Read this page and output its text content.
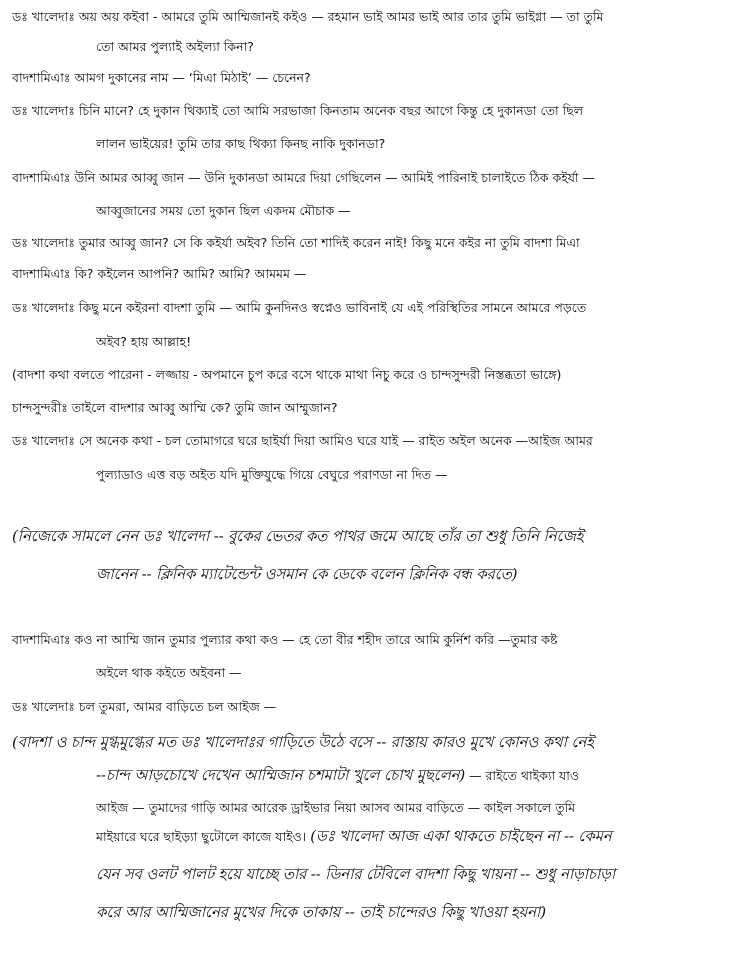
ডঃ খালেদাঃ অয় অয় কইবা - আমরে তুমি আম্মিজানই কইও — রহমান ভাই আমর ভাই আর তার তুমি ভাইগ্না — তা তুমি
তো আমর পুল্যাই অইল্যা কিনা?
বাদশামিএাঃ আমগ দুকানের নাম — ‘মিএা মিঠাই’ — চেনেন?
ডঃ খালেদাঃ চিনি মানে? হে দুকান থিক্যাই তো আমি সরভাজা কিনতাম অনেক বছর আগে কিন্তু হে দুকানডা তো ছিল
লালন ভাইয়ের! তুমি তার কাছ থিক্যা কিনছ নাকি দুকানডা?
বাদশামিএাঃ উনি আমর আব্বু জান — উনি দুকানডা আমরে দিয়া গেছিলেন — আমিই পারিনাই চালাইতে ঠিক কইর্যা —
আব্বুজানের সময় তো দুকান ছিল একদম মৌচাক —
ডঃ খালেদাঃ তুমার আব্বু জান? সে কি কইর্যা অইব? তিনি তো শাদিই করেন নাই! কিছু মনে কইর না তুমি বাদশা মিএা
বাদশামিএাঃ কি? কইলেন আপনি? আমি? আমি? আমমম —
ডঃ খালেদাঃ কিছু মনে কইরনা বাদশা তুমি — আমি কুনদিনও স্বপ্নেও ভাবিনাই যে এই পরিস্থিতির সামনে আমরে পড়তে
অইব? হায় আল্লাহ!
(বাদশা কথা বলতে পারেনা - লজ্জায় - অপমানে চুপ করে বসে থাকে মাথা নিচু করে ও চান্দসুন্দরী নিস্তব্ধতা ভাঙ্গে)
চান্দসুন্দরীঃ তাইলে বাদশার আব্বু আম্মি কে? তুমি জান আম্মুজান?
ডঃ খালেদাঃ সে অনেক কথা - চল তোমাগরে ঘরে ছাইর্যা দিয়া আমিও ঘরে যাই — রাইত অইল অনেক —আইজ আমর
পুল্যাডাও এত্ত বড় অইত যদি মুক্তিযুদ্ধে গিয়ে বেঘুরে পরাণডা না দিত —
(নিজেকে সামলে নেন ডঃ খালেদা -- বুকের ভেতর কত পাথর জমে আছে তাঁর তা শুধু তিনি নিজেই
জানেন -- ক্লিনিক ম্যাটেন্ডেন্ট ওসমান কে ডেকে বলেন ক্লিনিক বন্ধ করতে)
বাদশামিএাঃ কও না আম্মি জান তুমার পুল্যার কথা কও — হে তো বীর শহীদ তারে আমি কুর্নিশ করি —তুমার কষ্ট
অইলে থাক কইতে অইবনা —
ডঃ খালেদাঃ চল তুমরা, আমর বাড়িতে চল আইজ —
(বাদশা ও চান্দ মুগ্ধমুগ্ধের মত ডঃ খালেদাঃর গাড়িতে উঠে বসে -- রাস্তায় কারও মুখে কোনও কথা নেই
--চান্দ আড়চোখে দেখেন আম্মিজান চশমাটা খুলে চোখ মুছলেন) — রাইতে থাইক্যা যাও
আইজ — তুমাদের গাড়ি আমর আরেক ড্রাইভার নিয়া আসব আমর বাড়িতে — কাইল সকালে তুমি
মাইয়ারে ঘরে ছাইড়্যা ছুটোলে কাজে যাইও। (ডঃ খালেদা আজ একা থাকতে চাইছেন না -- কেমন
যেন সব ওলট পালট হয়ে যাচ্ছে তার -- ডিনার টেবিলে বাদশা কিছু খায়না -- শুধু নাড়াচাড়া
করে আর আম্মিজানের মুখের দিকে তাকায় -- তাই চান্দেরও কিছু খাওয়া হয়না)
